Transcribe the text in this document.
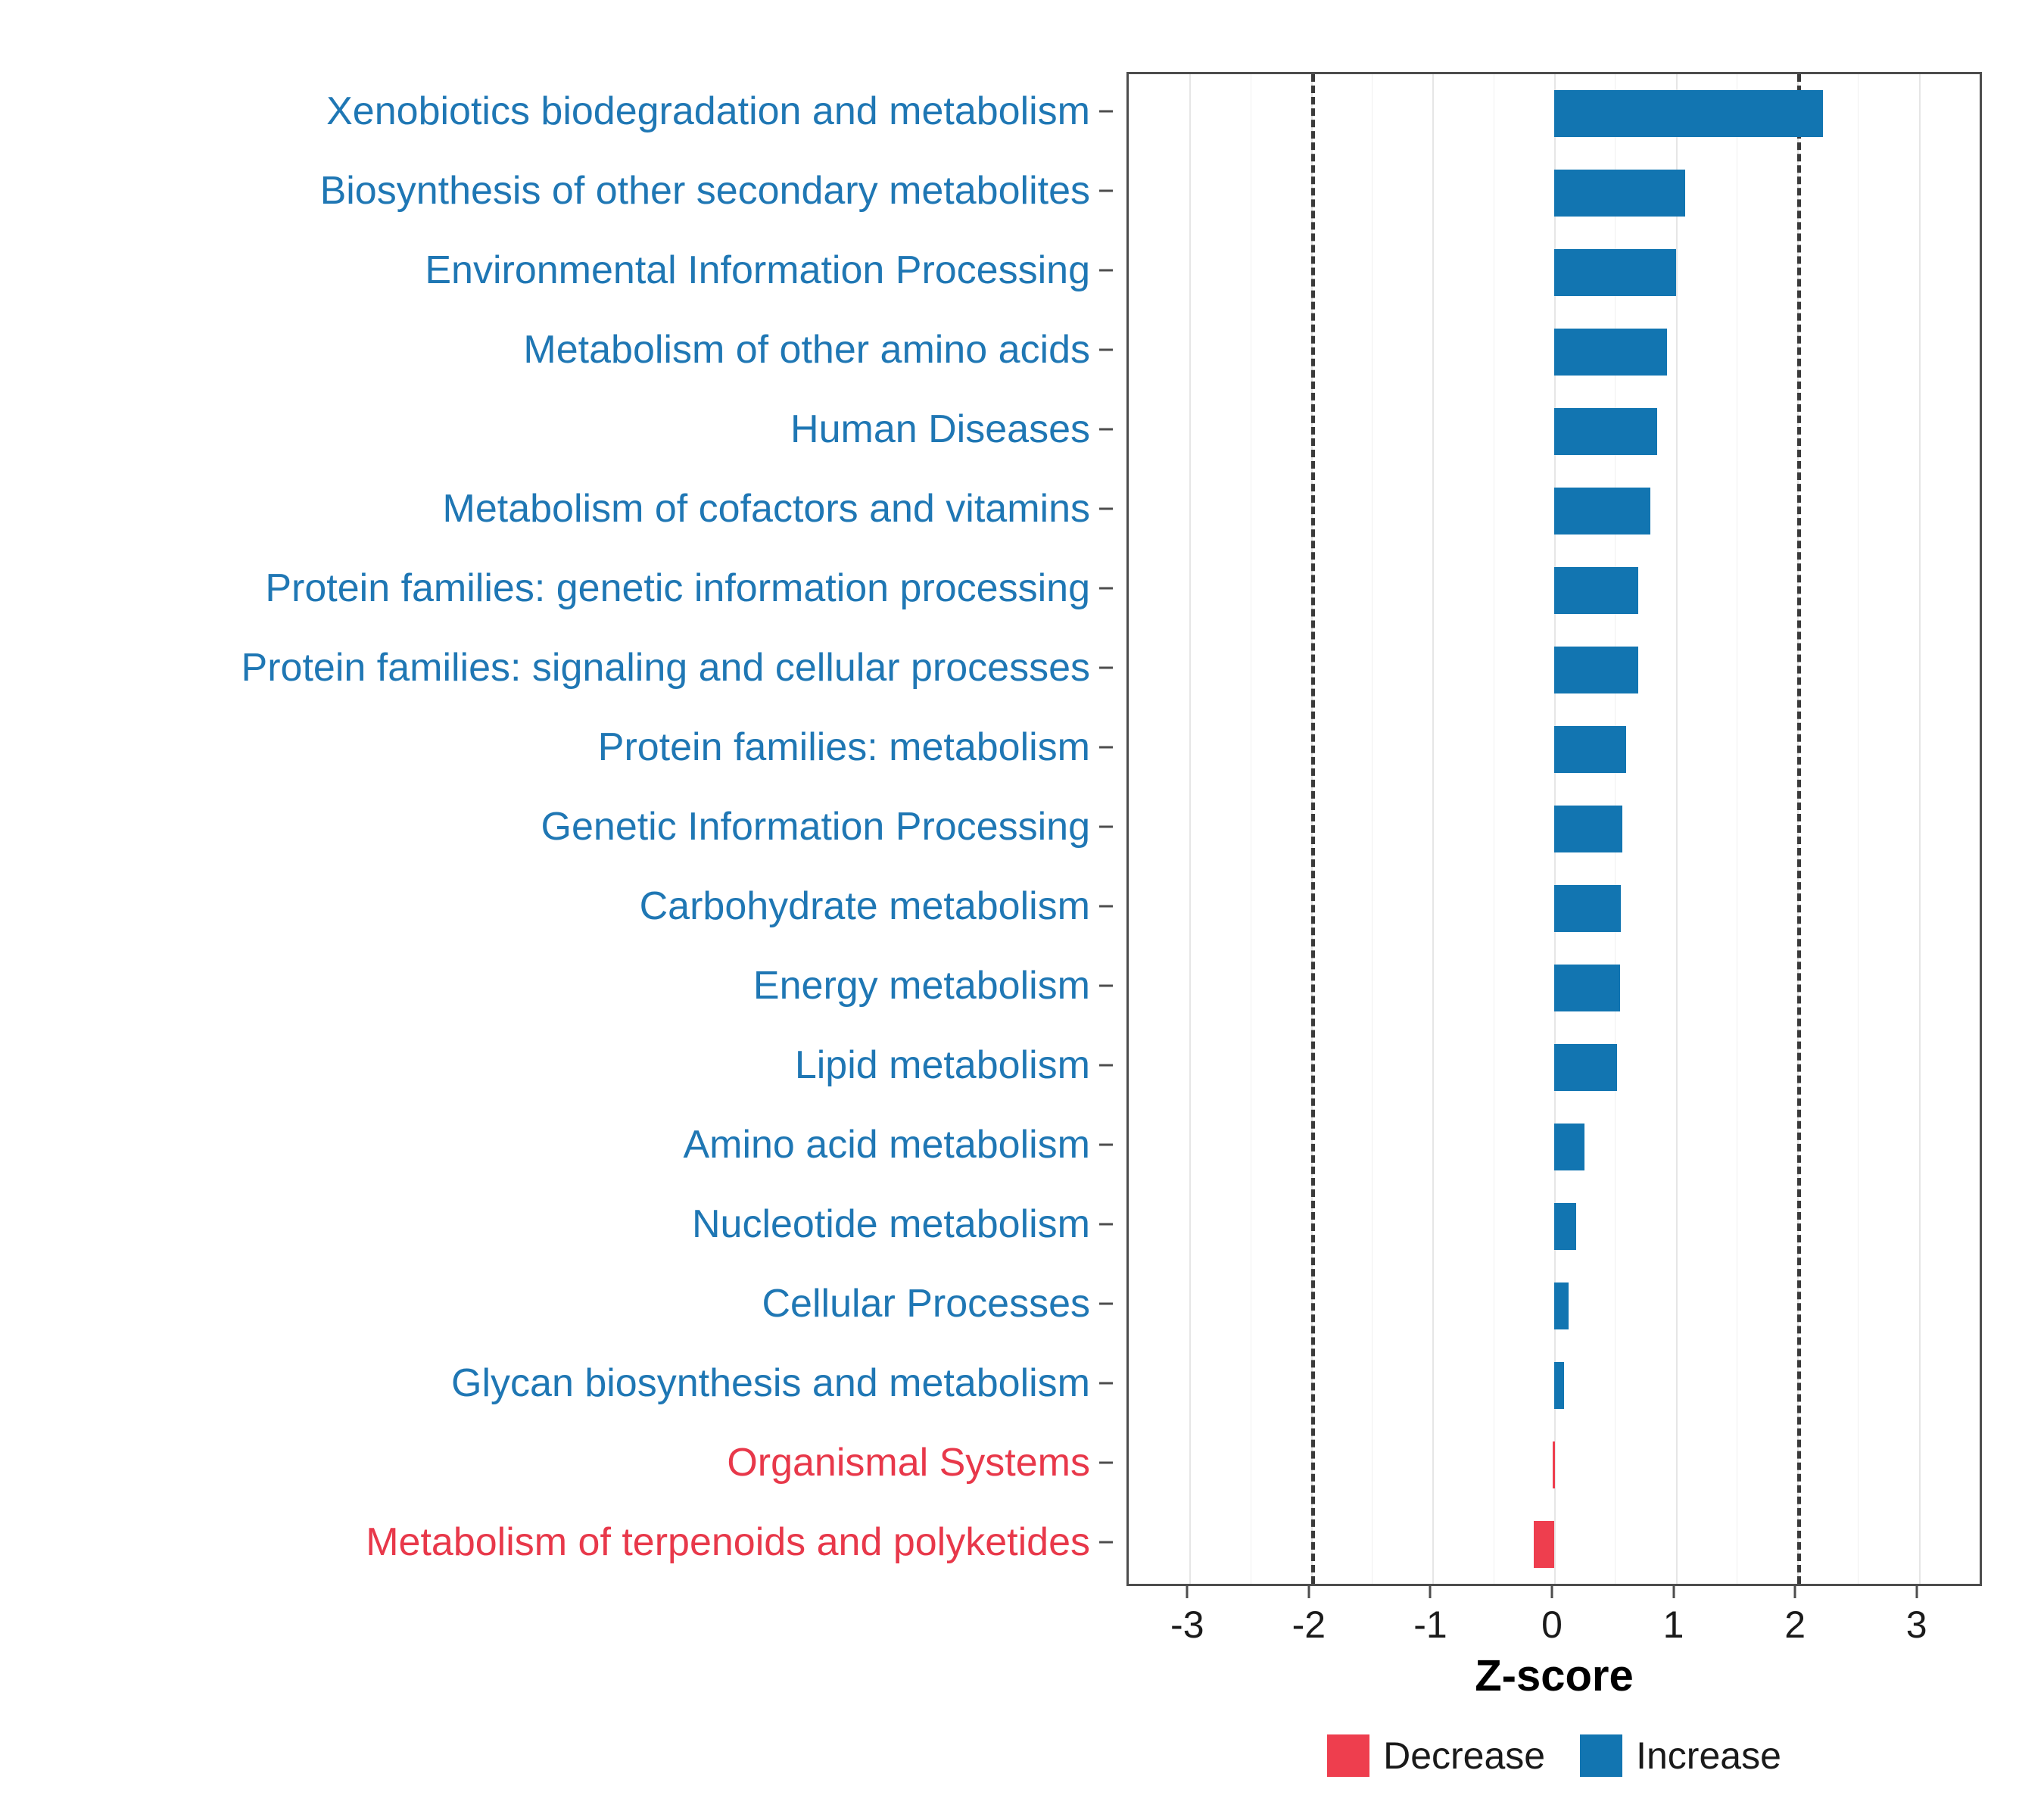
Xenobiotics biodegradation and metabolism
Biosynthesis of other secondary metabolites
Environmental Information Processing
Metabolism of other amino acids
Human Diseases
Metabolism of cofactors and vitamins
Protein families: genetic information processing
Protein families: signaling and cellular processes
Protein families: metabolism
Genetic Information Processing
Carbohydrate metabolism
Energy metabolism
Lipid metabolism
Amino acid metabolism
Nucleotide metabolism
Cellular Processes
Glycan biosynthesis and metabolism
Organismal Systems
Metabolism of terpenoids and polyketides
-3 -2 -1 0	1	2	3
Z-score
Decrease Increase
